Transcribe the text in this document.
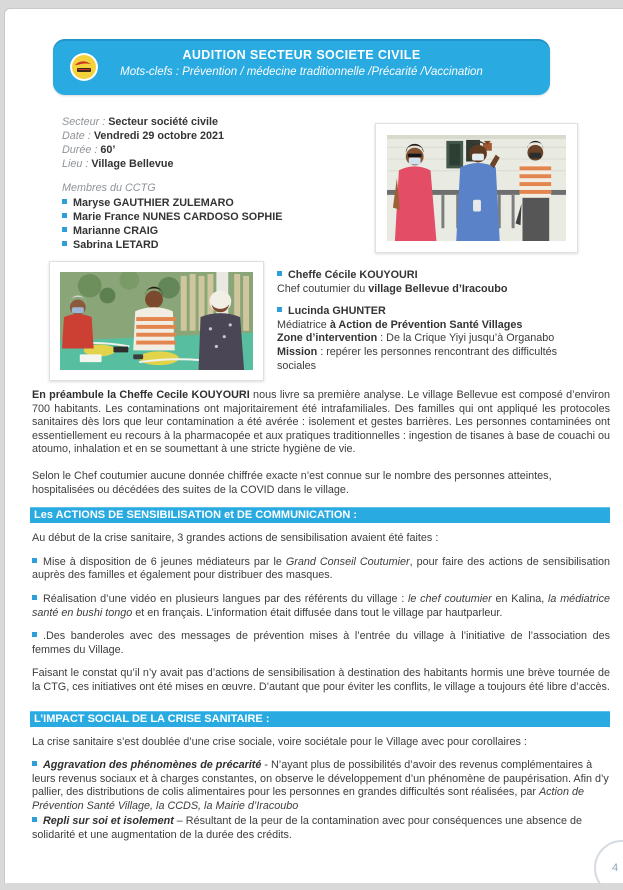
AUDITION SECTEUR SOCIETE CIVILE
Mots-clefs : Prévention / médecine traditionnelle /Précarité /Vaccination
Secteur : Secteur société civile
Date : Vendredi 29 octobre 2021
Durée : 60’
Lieu : Village Bellevue
Membres du CCTG
Maryse GAUTHIER ZULEMARO
Marie France NUNES CARDOSO SOPHIE
Marianne CRAIG
Sabrina LETARD
Cheffe Cécile KOUYOURI
Chef coutumier du village Bellevue d’Iracoubo
Lucinda GHUNTER
Médiatrice à Action de Prévention Santé Villages
Zone d’intervention : De la Crique Yiyi jusqu’à Organabo
Mission : repérer les personnes rencontrant des difficultés sociales

En préambule la Cheffe Cecile KOUYOURI nous livre sa première analyse. Le village Bellevue est composé d’environ 700 habitants. Les contaminations ont majoritairement été intrafamiliales. Des familles qui ont appliqué les protocoles sanitaires dès lors que leur contamination a été avérée : isolement et gestes barrières. Les personnes contaminées ont essentiellement eu recours à la pharmacopée et aux pratiques traditionnelles : ingestion de tisanes à base de couachi ou atoumo, inhalation et en se soumettant à une stricte hygiène de vie.

Selon le Chef coutumier aucune donnée chiffrée exacte n’est connue sur le nombre des personnes atteintes, hospitalisées ou décédées des suites de la COVID dans le village.

Les ACTIONS DE SENSIBILISATION et DE COMMUNICATION :

Au début de la crise sanitaire, 3 grandes actions de sensibilisation avaient été faites :

Mise à disposition de 6 jeunes médiateurs par le Grand Conseil Coutumier, pour faire des actions de sensibilisation auprès des familles et également pour distribuer des masques.

Réalisation d’une vidéo en plusieurs langues par des référents du village : le chef coutumier en Kalina, la médiatrice santé en bushi tongo et en français. L’information était diffusée dans tout le village par hautparleur.

.Des banderoles avec des messages de prévention mises à l’entrée du village à l’initiative de l’association des femmes du Village.

Faisant le constat qu’il n’y avait pas d’actions de sensibilisation à destination des habitants hormis une brève tournée de la CTG, ces initiatives ont été mises en œuvre. D’autant que pour éviter les conflits, le village a toujours été libre d’accès.

L’IMPACT SOCIAL DE LA CRISE SANITAIRE :

La crise sanitaire s’est doublée d’une crise sociale, voire sociétale pour le Village avec pour corollaires :

Aggravation des phénomènes de précarité - N’ayant plus de possibilités d’avoir des revenus complémentaires à leurs revenus sociaux et à charges constantes, on observe le développement d’un phénomène de paupérisation. Afin d’y pallier, des distributions de colis alimentaires pour les personnes en grandes difficultés sont réalisées, par Action de Prévention Santé Village, la CCDS, la Mairie d’Iracoubo

Repli sur soi et isolement – Résultant de la peur de la contamination avec pour conséquences une absence de solidarité et une augmentation de la durée des crédits.

4
